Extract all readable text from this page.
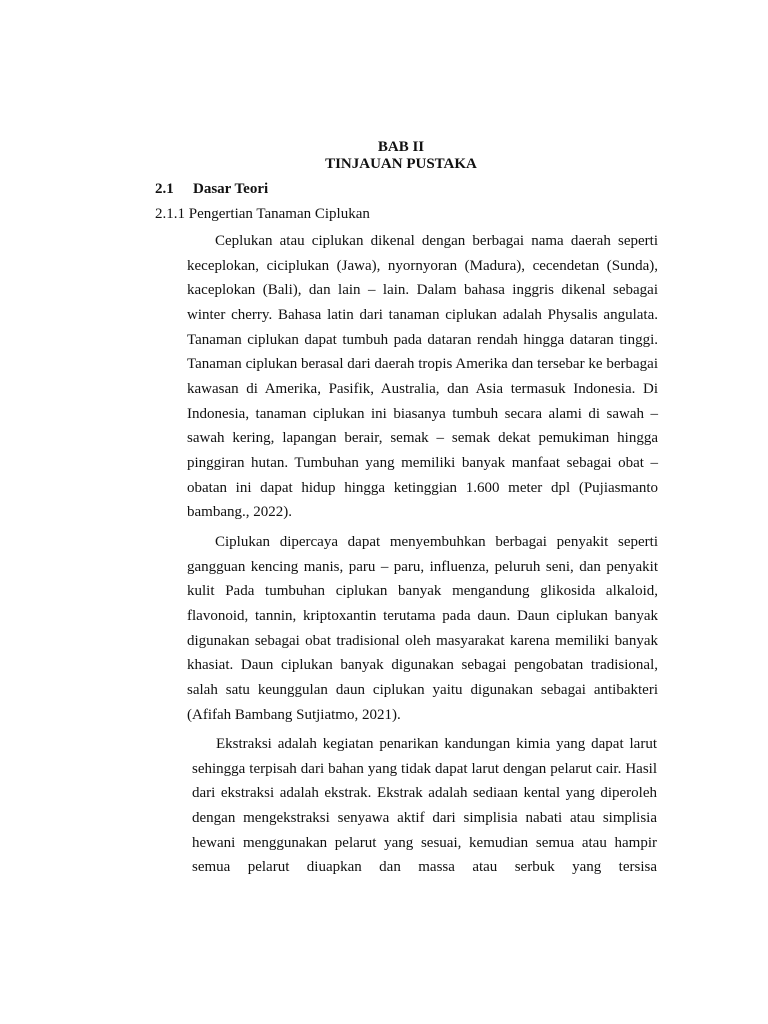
BAB II
TINJAUAN PUSTAKA
2.1 Dasar Teori
2.1.1 Pengertian Tanaman Ciplukan

Ceplukan atau ciplukan dikenal dengan berbagai nama daerah seperti keceplokan, ciciplukan (Jawa), nyornyoran (Madura), cecendetan (Sunda), kaceplokan (Bali), dan lain – lain. Dalam bahasa inggris dikenal sebagai winter cherry. Bahasa latin dari tanaman ciplukan adalah Physalis angulata. Tanaman ciplukan dapat tumbuh pada dataran rendah hingga dataran tinggi. Tanaman ciplukan berasal dari daerah tropis Amerika dan tersebar ke berbagai kawasan di Amerika, Pasifik, Australia, dan Asia termasuk Indonesia. Di Indonesia, tanaman ciplukan ini biasanya tumbuh secara alami di sawah – sawah kering, lapangan berair, semak – semak dekat pemukiman hingga pinggiran hutan. Tumbuhan yang memiliki banyak manfaat sebagai obat – obatan ini dapat hidup hingga ketinggian 1.600 meter dpl (Pujiasmanto bambang., 2022).

Ciplukan dipercaya dapat menyembuhkan berbagai penyakit seperti gangguan kencing manis, paru – paru, influenza, peluruh seni, dan penyakit kulit Pada tumbuhan ciplukan banyak mengandung glikosida alkaloid, flavonoid, tannin, kriptoxantin terutama pada daun. Daun ciplukan banyak digunakan sebagai obat tradisional oleh masyarakat karena memiliki banyak khasiat. Daun ciplukan banyak digunakan sebagai pengobatan tradisional, salah satu keunggulan daun ciplukan yaitu digunakan sebagai antibakteri (Afifah Bambang Sutjiatmo, 2021).

Ekstraksi adalah kegiatan penarikan kandungan kimia yang dapat larut sehingga terpisah dari bahan yang tidak dapat larut dengan pelarut cair. Hasil dari ekstraksi adalah ekstrak. Ekstrak adalah sediaan kental yang diperoleh dengan mengekstraksi senyawa aktif dari simplisia nabati atau simplisia hewani menggunakan pelarut yang sesuai, kemudian semua atau hampir semua pelarut diuapkan dan massa atau serbuk yang tersisa
